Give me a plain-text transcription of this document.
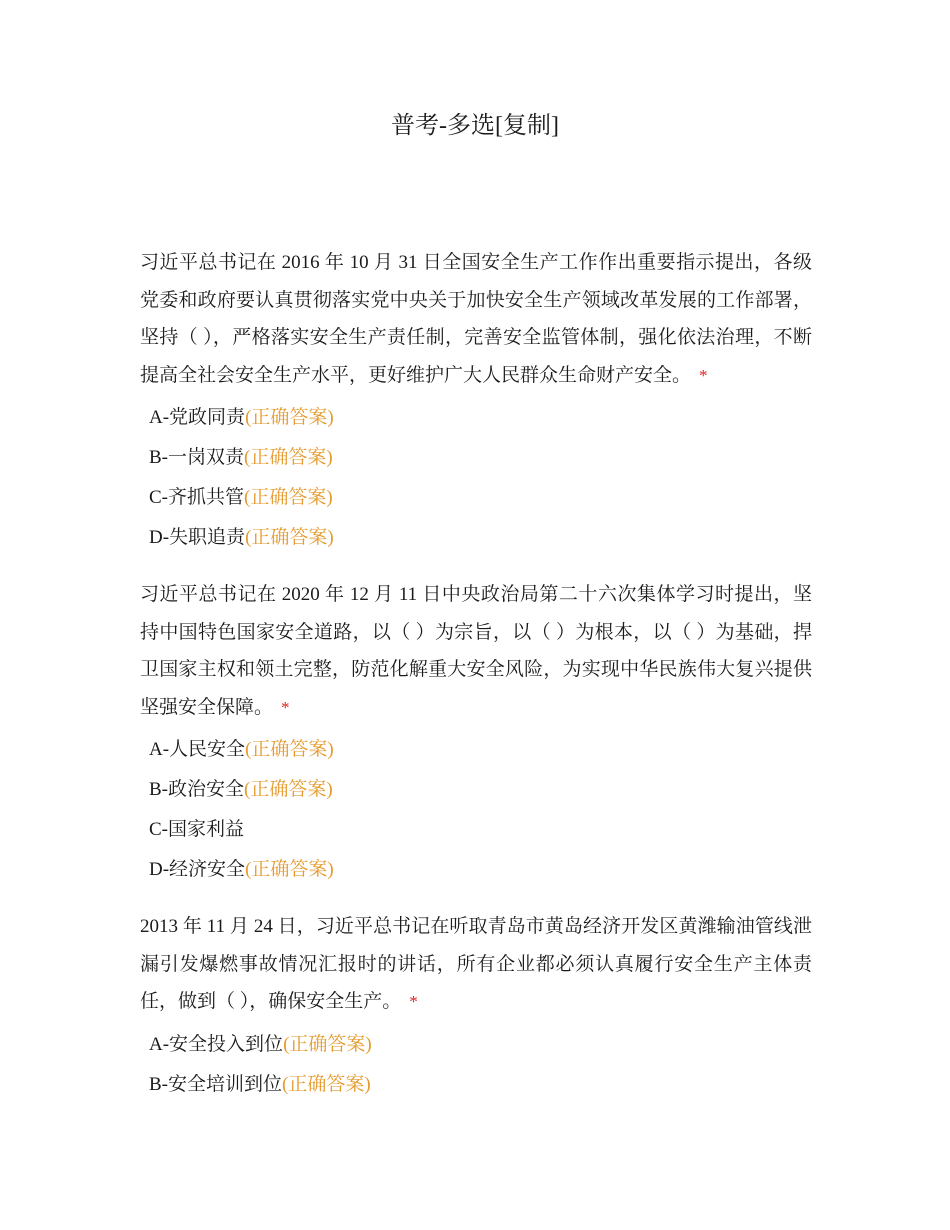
普考-多选[复制]
习近平总书记在 2016 年 10 月 31 日全国安全生产工作作出重要指示提出，各级党委和政府要认真贯彻落实党中央关于加快安全生产领域改革发展的工作部署，坚持（ ），严格落实安全生产责任制，完善安全监管体制，强化依法治理，不断提高全社会安全生产水平，更好维护广大人民群众生命财产安全。 *
A-党政同责(正确答案)
B-一岗双责(正确答案)
C-齐抓共管(正确答案)
D-失职追责(正确答案)
习近平总书记在 2020 年 12 月 11 日中央政治局第二十六次集体学习时提出，坚持中国特色国家安全道路，以（ ）为宗旨，以（ ）为根本，以（ ）为基础，捍卫国家主权和领土完整，防范化解重大安全风险，为实现中华民族伟大复兴提供坚强安全保障。 *
A-人民安全(正确答案)
B-政治安全(正确答案)
C-国家利益
D-经济安全(正确答案)
2013 年 11 月 24 日，习近平总书记在听取青岛市黄岛经济开发区黄潍输油管线泄漏引发爆燃事故情况汇报时的讲话，所有企业都必须认真履行安全生产主体责任，做到（ ），确保安全生产。 *
A-安全投入到位(正确答案)
B-安全培训到位(正确答案)
